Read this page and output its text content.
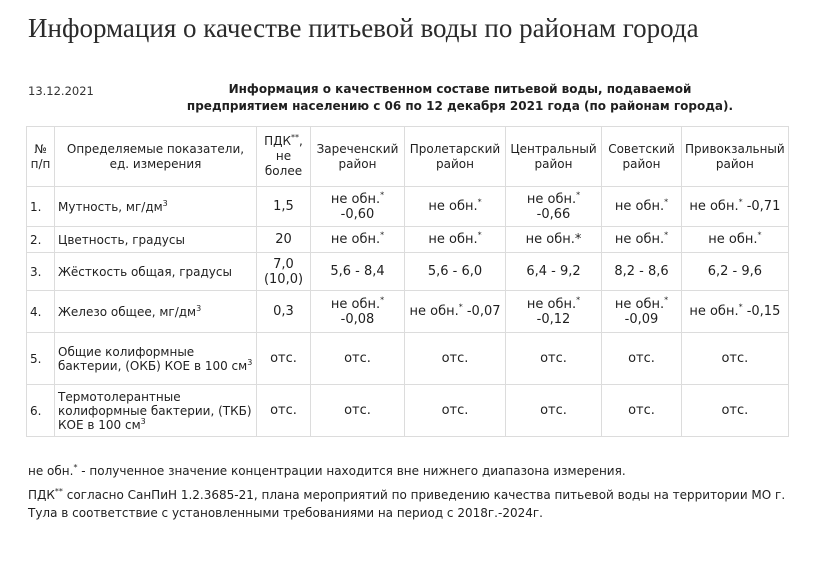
Информация о качестве питьевой воды по районам города
13.12.2021	Информация о качественном составе питьевой воды, подаваемой
предприятием населению с 06 по 12 декабря 2021 года (по районам города).
№ п/п	Определяемые показатели, ед. измерения	ПДК**, не более	Зареченский район	Пролетарский район	Центральный район	Советский район	Привокзальный район
1.	Мутность, $мг/дм^3$	1,5	не обн.* -0,60	не обн.*	не обн.* -0,66	не обн.*	не обн.* -0,71
2.	Цветность, градусы	20	не обн.*	не обн.*	не обн.*	не обн.*	не обн.*
3.	Жёсткость общая, градусы	7,0 (10,0)	5,6 - 8,4	5,6 - 6,0	6,4 - 9,2	8,2 - 8,6	6,2 - 9,6
4.	Железо общее, $мг/дм^3$	0,3	не обн.* -0,08	не обн.* -0,07	не обн.* -0,12	не обн.* -0,09	не обн.* -0,15
5.	Общие колиформные бактерии, (ОКБ) КОЕ в 100 $см^3$	отс.	отс.	отс.	отс.	отс.	отс.
6.	Термотолерантные колиформные бактерии, (ТКБ) КОЕ в 100 $см^3$	отс.	отс.	отс.	отс.	отс.	отс.

не обн.* - полученное значение концентрации находится вне нижнего диапазона измерения.

ПДК** согласно СанПиН 1.2.3685-21, плана мероприятий по приведению качества питьевой воды на территории МО г. Тула в соответствие с установленными требованиями на период с 2018г.-2024г.
